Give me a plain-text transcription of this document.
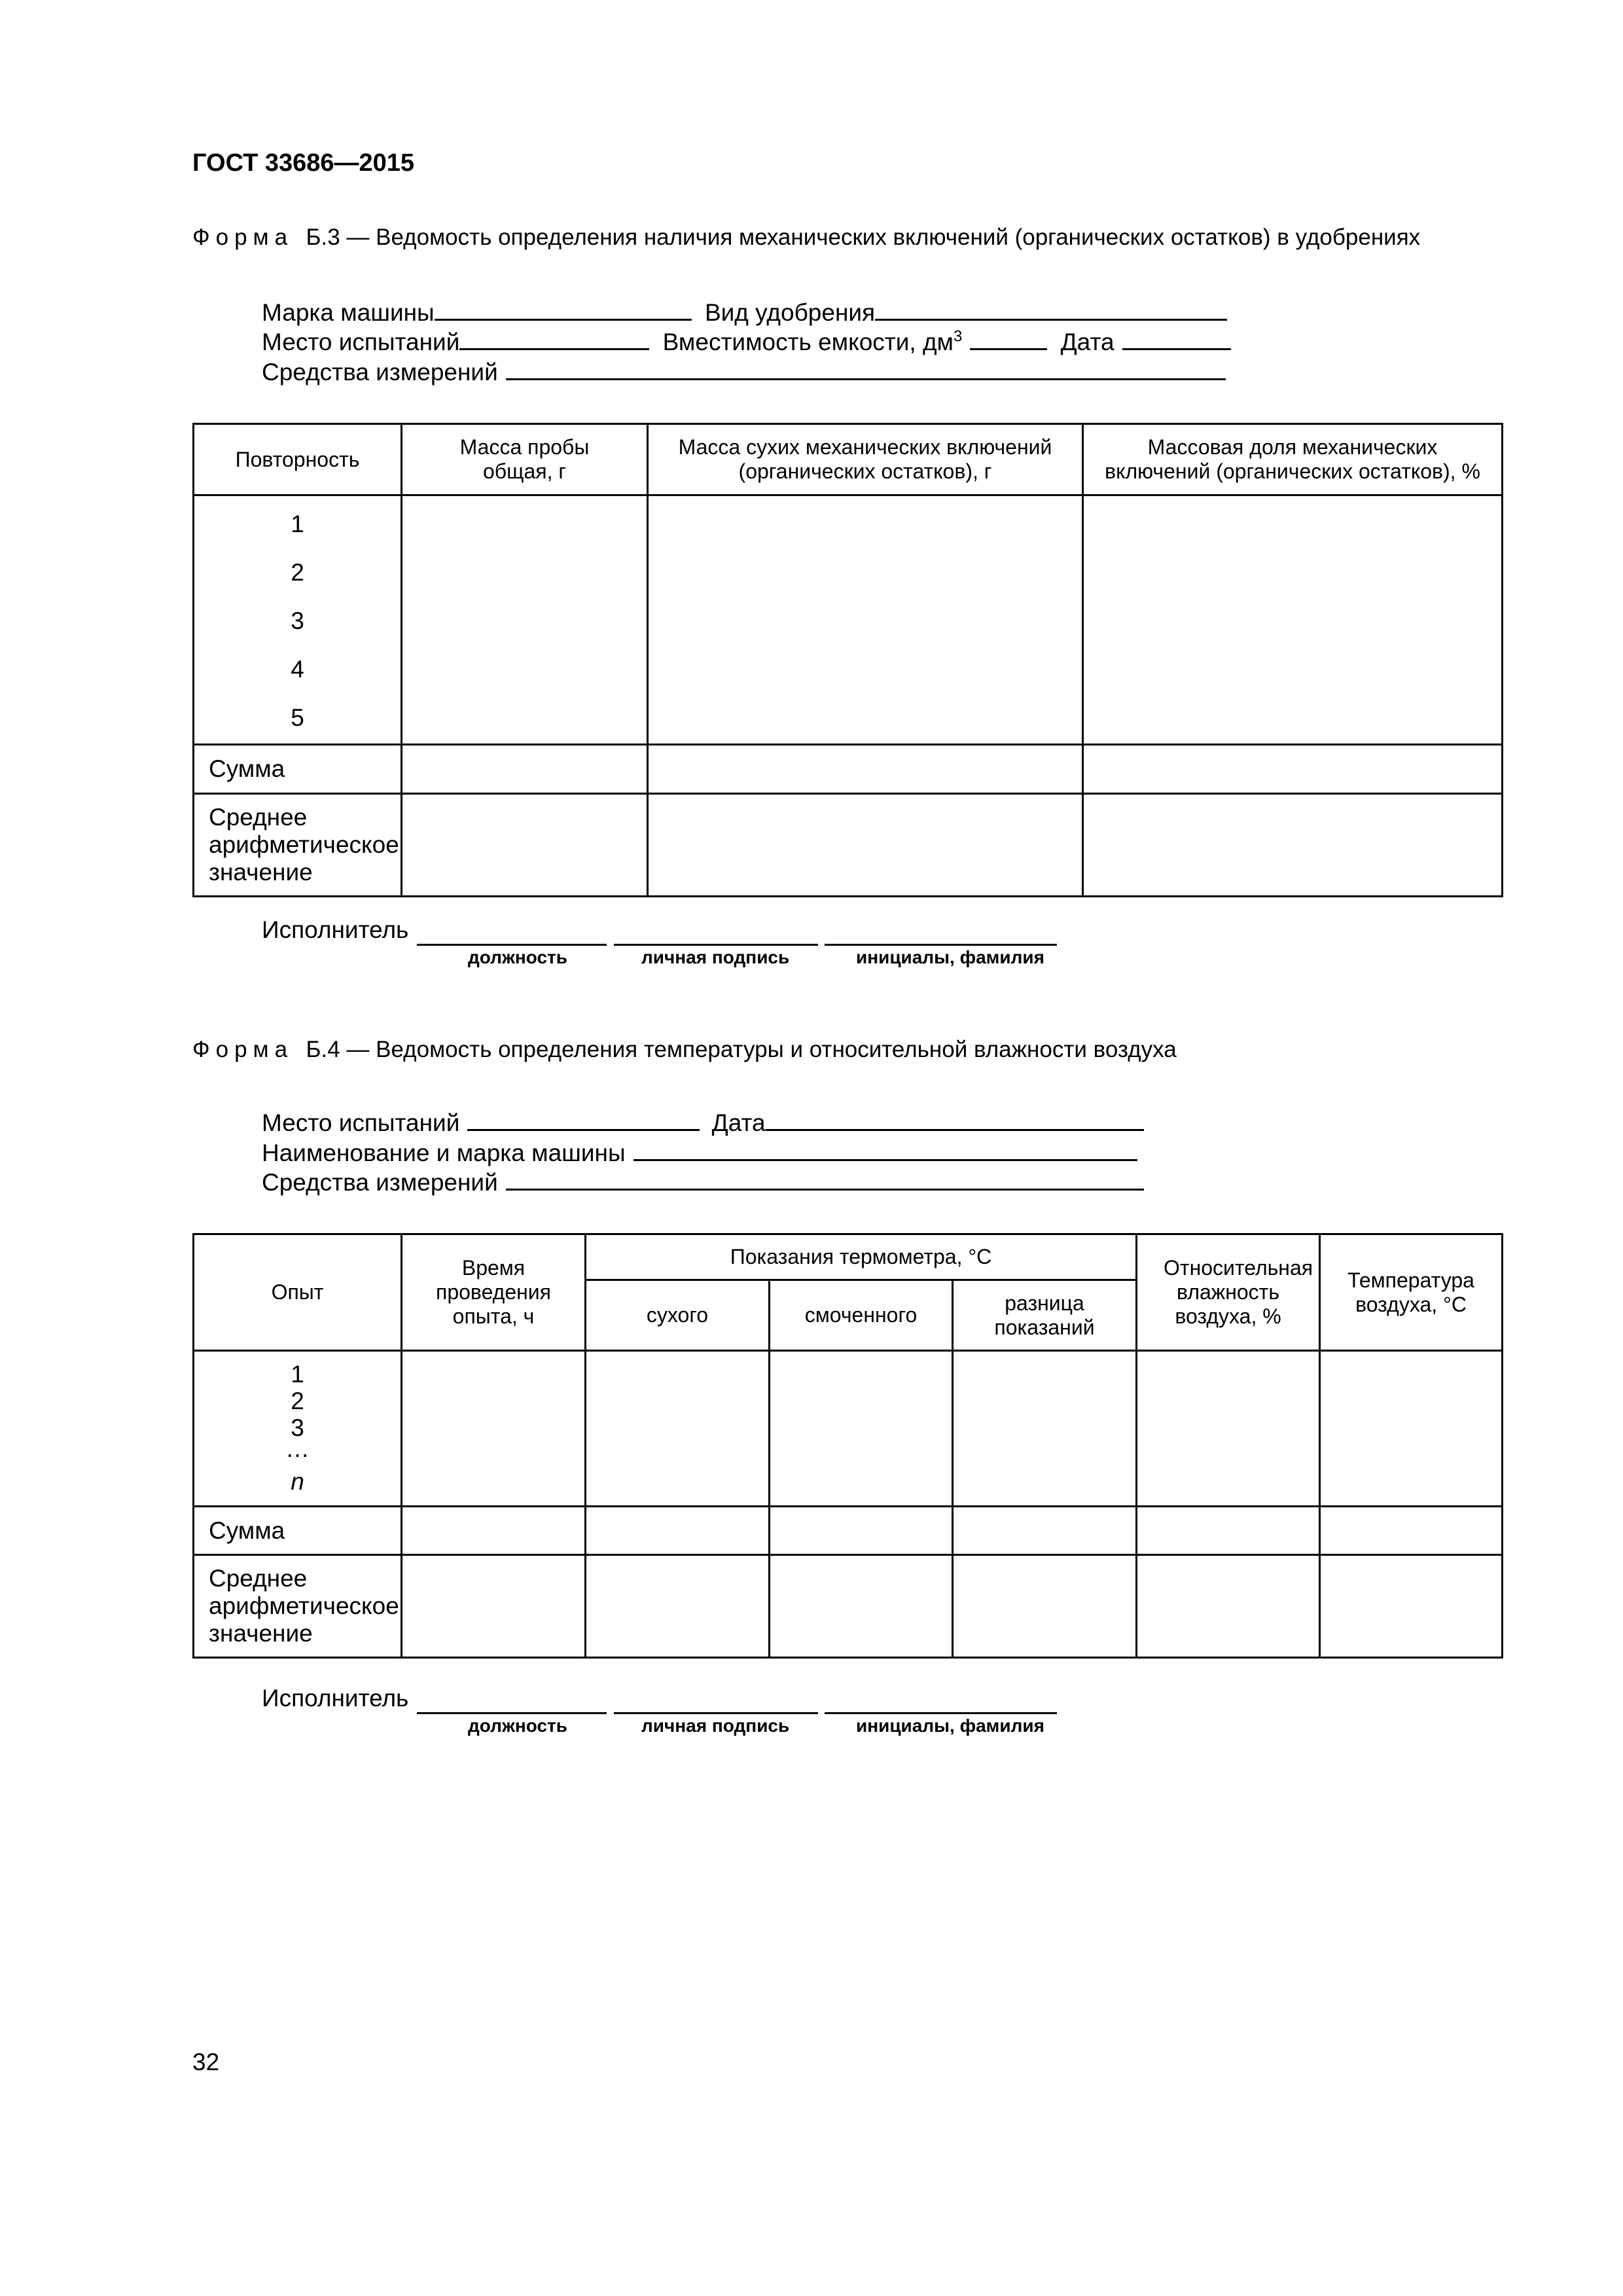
ГОСТ 33686—2015
Форма Б.3 — Ведомость определения наличия механических включений (органических остатков) в удобрениях
Марка машины	Вид удобрения
Место испытаний	Вместимость емкости, $дм^3$	Дата
Средства измерений
Повторность	Масса пробы общая, г	Масса сухих механических включений (органических остатков), г	Массовая доля механических включений (органических остатков), %

1
2
3
4
5			

Сумма			
Среднее арифметическое значение			
Исполнитель
должность	личная подпись	инициалы, фамилия
Форма Б.4 — Ведомость определения температуры и относительной влажности воздуха
Место испытаний	Дата
Наименование и марка машины
Средства измерений
Опыт	Время проведения опыта, ч	Показания термометра, °С			Относительная влажность воздуха, %	Температура воздуха, °С
		сухого	смоченного	разница показаний		

1
2
3
…
n						

Сумма						
Среднее арифметическое значение						
Исполнитель
должность	личная подпись	инициалы, фамилия
32
